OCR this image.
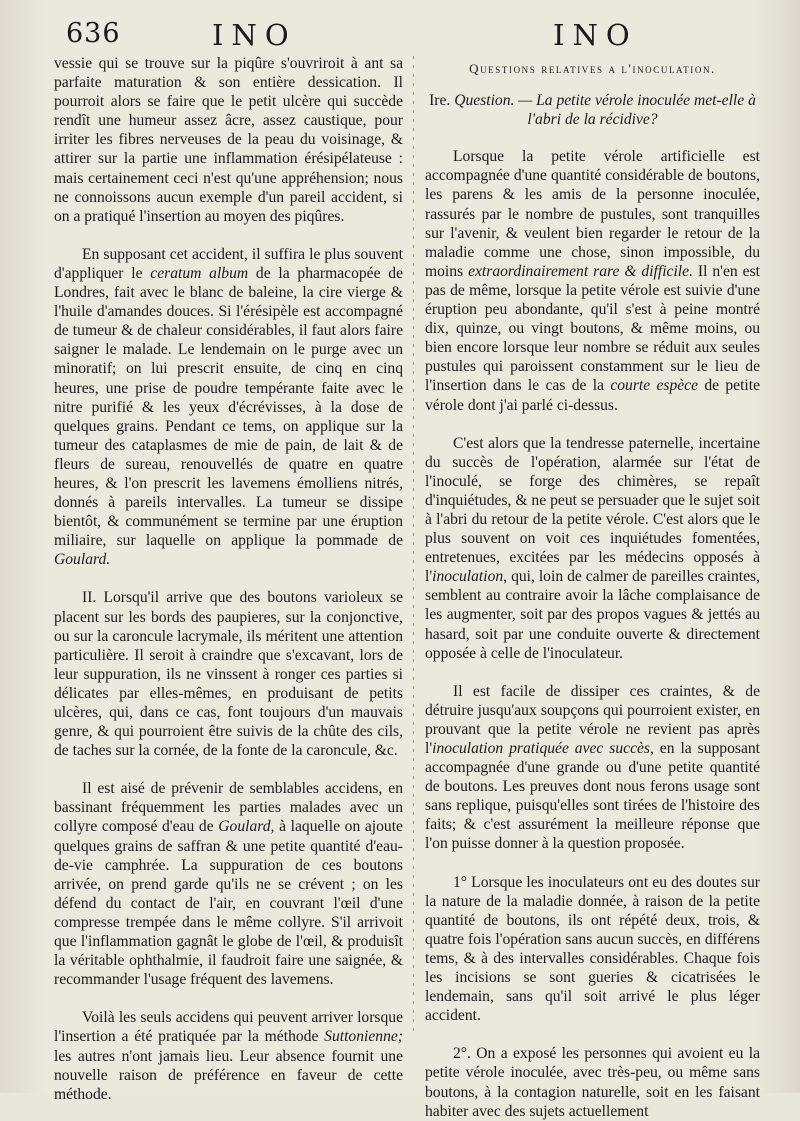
636	INO	INO

vessie qui se trouve sur la piqûre s'ouvriroit à ant sa parfaite maturation & son entière dessication. Il pourroit alors se faire que le petit ulcère qui succède rendît une humeur assez âcre, assez caustique, pour irriter les fibres nerveuses de la peau du voisinage, & attirer sur la partie une inflammation érésipélateuse : mais certainement ceci n'est qu'une appréhension; nous ne connoissons aucun exemple d'un pareil accident, si on a pratiqué l'insertion au moyen des piqûres.

En supposant cet accident, il suffira le plus souvent d'appliquer le ceratum album de la pharmacopée de Londres, fait avec le blanc de baleine, la cire vierge & l'huile d'amandes douces. Si l'érésipèle est accompagné de tumeur & de chaleur considérables, il faut alors faire saigner le malade. Le lendemain on le purge avec un minoratif; on lui prescrit ensuite, de cinq en cinq heures, une prise de poudre tempérante faite avec le nitre purifié & les yeux d'écrévisses, à la dose de quelques grains. Pendant ce tems, on applique sur la tumeur des cataplasmes de mie de pain, de lait & de fleurs de sureau, renouvellés de quatre en quatre heures, & l'on prescrit les lavemens émolliens nitrés, donnés à pareils intervalles. La tumeur se dissipe bientôt, & communément se termine par une éruption miliaire, sur laquelle on applique la pommade de Goulard.

II. Lorsqu'il arrive que des boutons varioleux se placent sur les bords des paupieres, sur la conjonctive, ou sur la caroncule lacrymale, ils méritent une attention particulière. Il seroit à craindre que s'excavant, lors de leur suppuration, ils ne vinssent à ronger ces parties si délicates par elles-mêmes, en produisant de petits ulcères, qui, dans ce cas, font toujours d'un mauvais genre, & qui pourroient être suivis de la chûte des cils, de taches sur la cornée, de la fonte de la caroncule, &c.

Il est aisé de prévenir de semblables accidens, en bassinant fréquemment les parties malades avec un collyre composé d'eau de Goulard, à laquelle on ajoute quelques grains de saffran & une petite quantité d'eau-de-vie camphrée. La suppuration de ces boutons arrivée, on prend garde qu'ils ne se crévent ; on les défend du contact de l'air, en couvrant l'œil d'une compresse trempée dans le même collyre. S'il arrivoit que l'inflammation gagnât le globe de l'œil, & produisît la véritable ophthalmie, il faudroit faire une saignée, & recommander l'usage fréquent des lavemens.

Voilà les seuls accidens qui peuvent arriver lorsque l'insertion a été pratiquée par la méthode Suttonienne; les autres n'ont jamais lieu. Leur absence fournit une nouvelle raison de préférence en faveur de cette méthode.

Questions relatives a l'inoculation.
Ire. Question. — La petite vérole inoculée met-elle à l'abri de la récidive?

Lorsque la petite vérole artificielle est accompagnée d'une quantité considérable de boutons, les parens & les amis de la personne inoculée, rassurés par le nombre de pustules, sont tranquilles sur l'avenir, & veulent bien regarder le retour de la maladie comme une chose, sinon impossible, du moins extraordinairement rare & difficile. Il n'en est pas de même, lorsque la petite vérole est suivie d'une éruption peu abondante, qu'il s'est à peine montré dix, quinze, ou vingt boutons, & même moins, ou bien encore lorsque leur nombre se réduit aux seules pustules qui paroissent constamment sur le lieu de l'insertion dans le cas de la courte espèce de petite vérole dont j'ai parlé ci-dessus.

C'est alors que la tendresse paternelle, incertaine du succès de l'opération, alarmée sur l'état de l'inoculé, se forge des chimères, se repaît d'inquiétudes, & ne peut se persuader que le sujet soit à l'abri du retour de la petite vérole. C'est alors que le plus souvent on voit ces inquiétudes fomentées, entretenues, excitées par les médecins opposés à l'inoculation, qui, loin de calmer de pareilles craintes, semblent au contraire avoir la lâche complaisance de les augmenter, soit par des propos vagues & jettés au hasard, soit par une conduite ouverte & directement opposée à celle de l'inoculateur.

Il est facile de dissiper ces craintes, & de détruire jusqu'aux soupçons qui pourroient exister, en prouvant que la petite vérole ne revient pas après l'inoculation pratiquée avec succès, en la supposant accompagnée d'une grande ou d'une petite quantité de boutons. Les preuves dont nous ferons usage sont sans replique, puisqu'elles sont tirées de l'histoire des faits; & c'est assurément la meilleure réponse que l'on puisse donner à la question proposée.

1° Lorsque les inoculateurs ont eu des doutes sur la nature de la maladie donnée, à raison de la petite quantité de boutons, ils ont répété deux, trois, & quatre fois l'opération sans aucun succès, en différens tems, & à des intervalles considérables. Chaque fois les incisions se sont gueries & cicatrisées le lendemain, sans qu'il soit arrivé le plus léger accident.

2°. On a exposé les personnes qui avoient eu la petite vérole inoculée, avec très-peu, ou même sans boutons, à la contagion naturelle, soit en les faisant habiter avec des sujets actuellement
